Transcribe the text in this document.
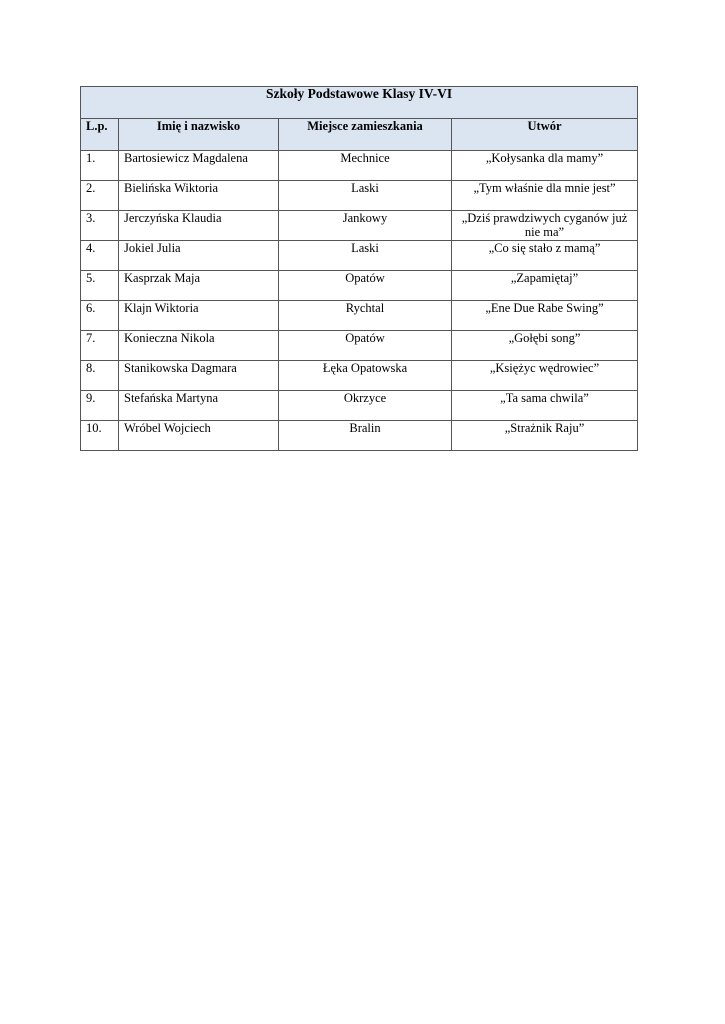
Szkoły Podstawowe Klasy IV-VI			
L.p.	Imię i nazwisko	Miejsce zamieszkania	Utwór
1.	Bartosiewicz Magdalena	Mechnice	„Kołysanka dla mamy”
2.	Bielińska Wiktoria	Laski	„Tym właśnie dla mnie jest”
3.	Jerczyńska Klaudia	Jankowy	„Dziś prawdziwych cyganów już nie ma”
4.	Jokiel Julia	Laski	„Co się stało z mamą”
5.	Kasprzak Maja	Opatów	„Zapamiętaj”
6.	Klajn Wiktoria	Rychtal	„Ene Due Rabe Swing”
7.	Konieczna Nikola	Opatów	„Gołębi song”
8.	Stanikowska Dagmara	Łęka Opatowska	„Księżyc wędrowiec”
9.	Stefańska Martyna	Okrzyce	„Ta sama chwila”
10.	Wróbel Wojciech	Bralin	„Strażnik Raju”
